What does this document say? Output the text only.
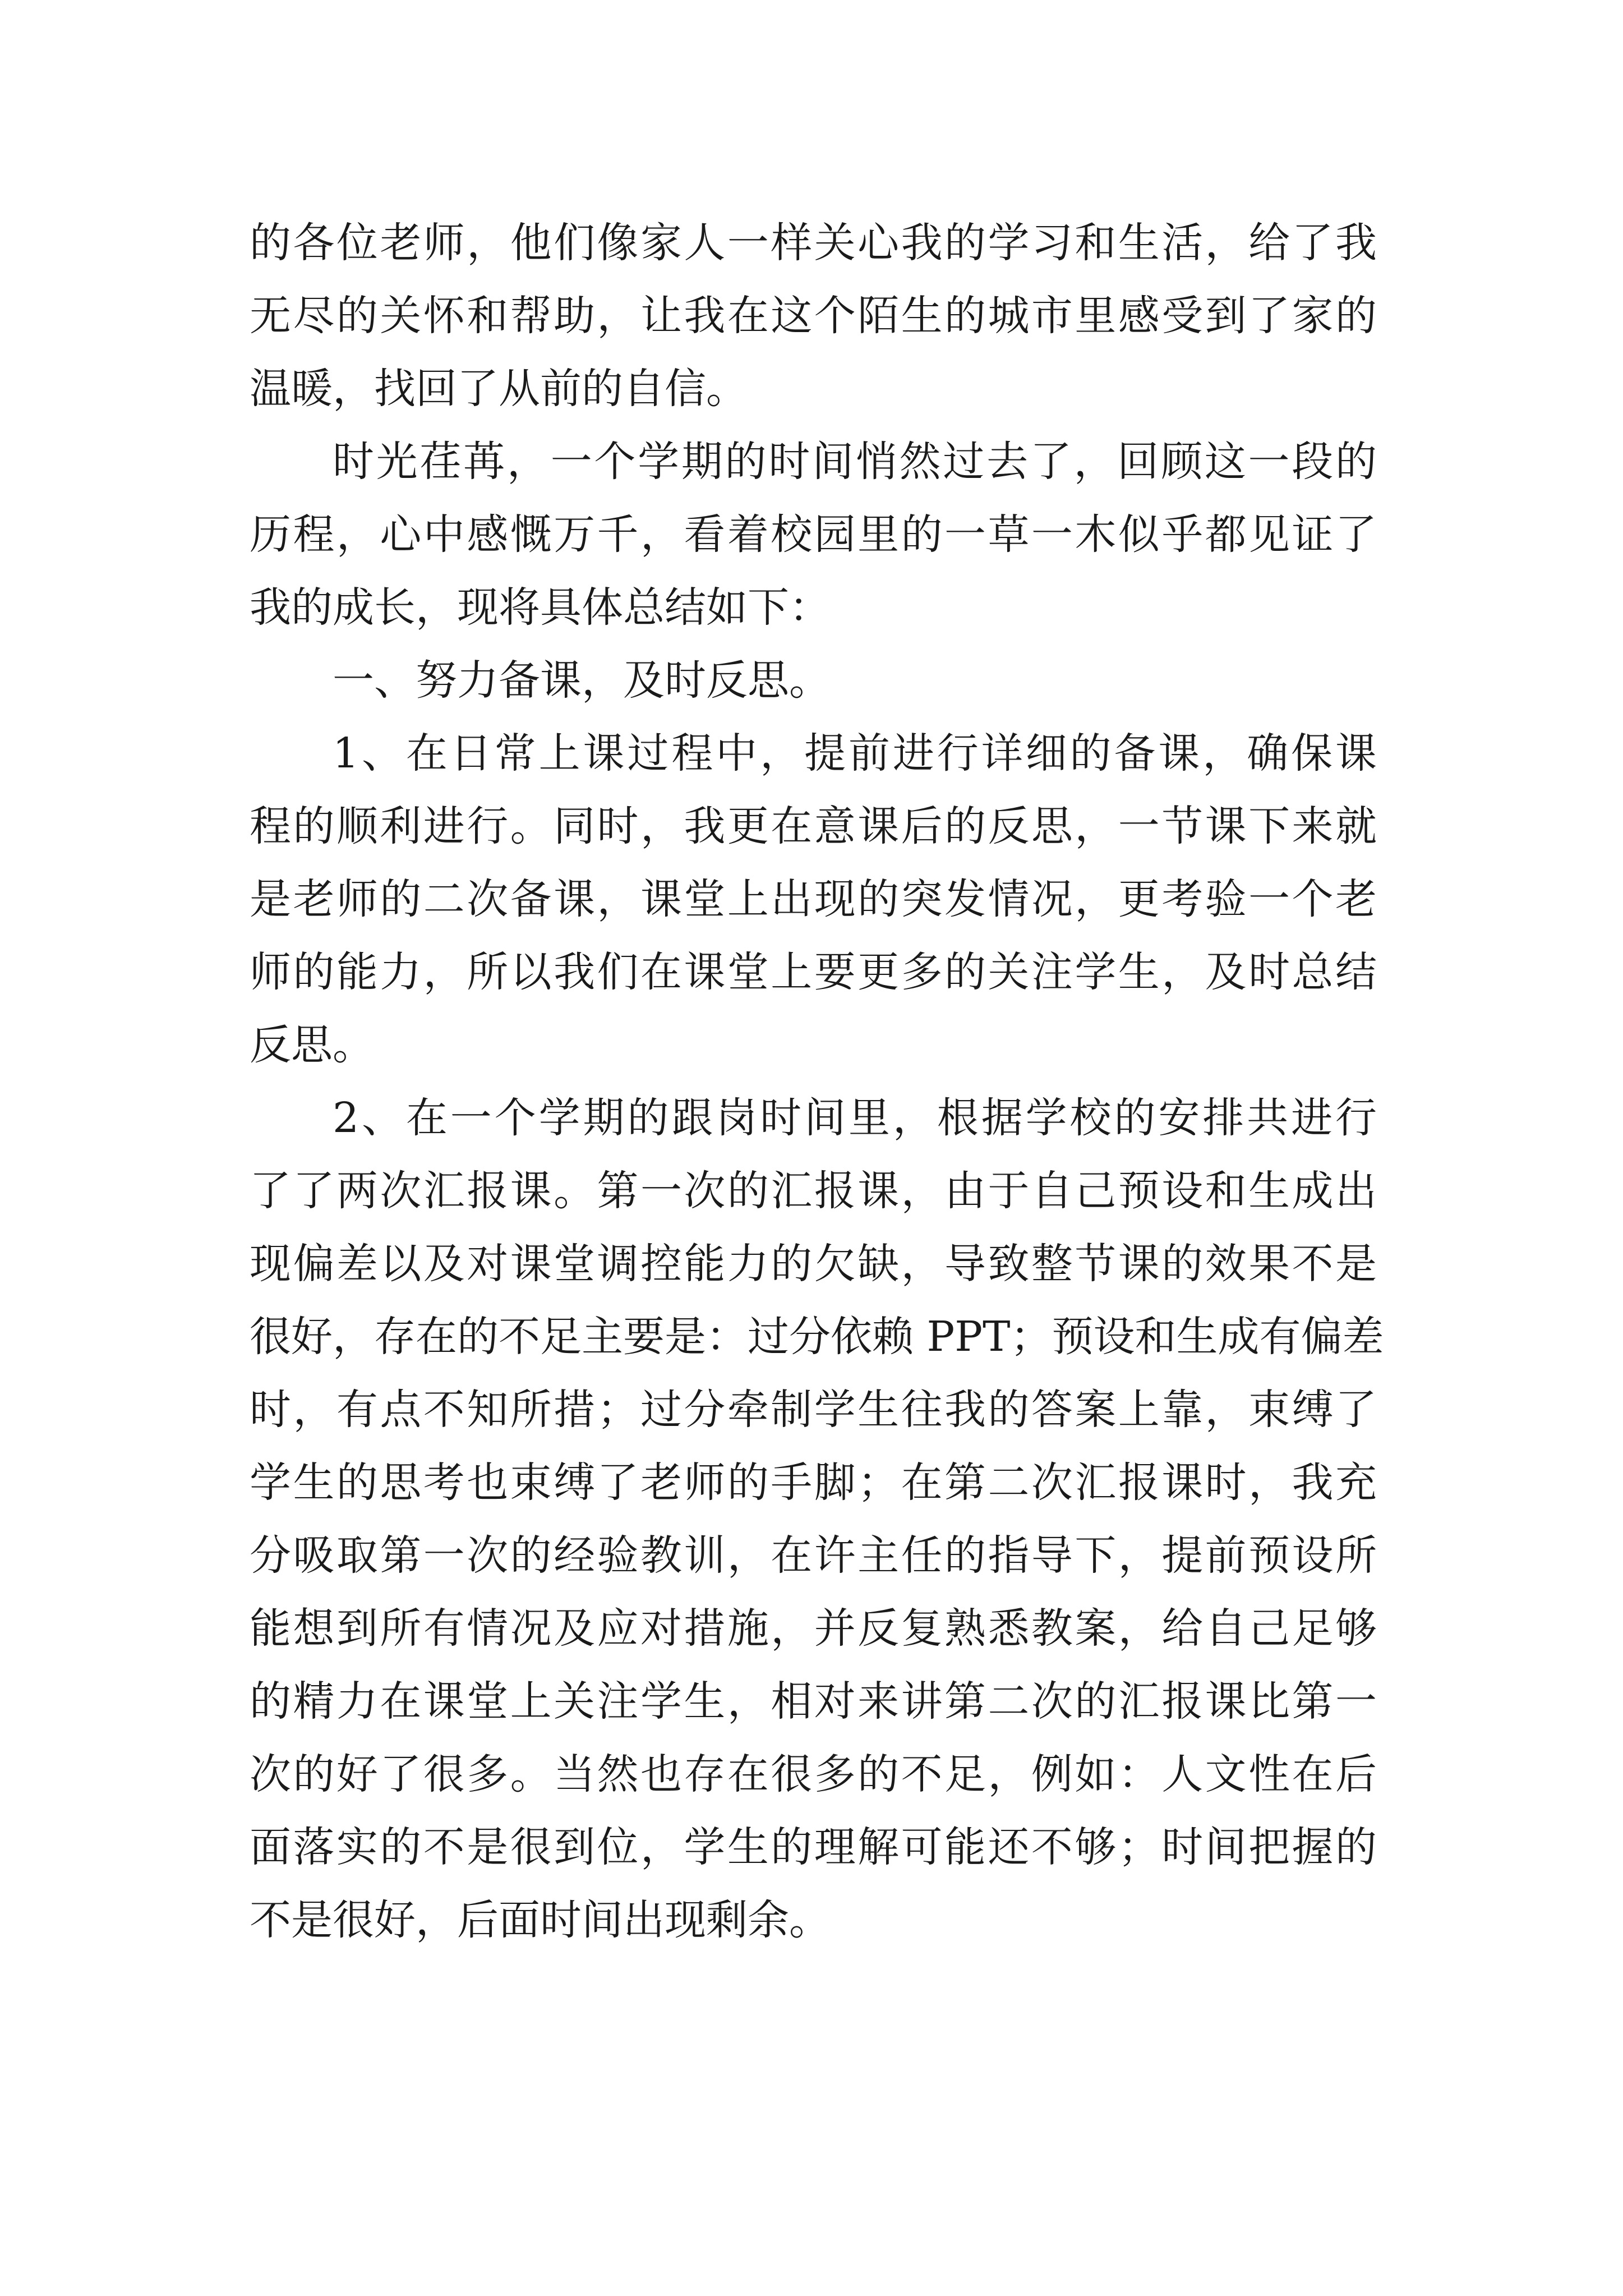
的各位老师，他们像家人一样关心我的学习和生活，给了我
无尽的关怀和帮助，让我在这个陌生的城市里感受到了家的
温暖，找回了从前的自信。

时光荏苒，一个学期的时间悄然过去了，回顾这一段的
历程，心中感慨万千，看着校园里的一草一木似乎都见证了
我的成长，现将具体总结如下：

一、努力备课，及时反思。

1、在日常上课过程中，提前进行详细的备课，确保课
程的顺利进行。同时，我更在意课后的反思，一节课下来就
是老师的二次备课，课堂上出现的突发情况，更考验一个老
师的能力，所以我们在课堂上要更多的关注学生，及时总结
反思。

2、在一个学期的跟岗时间里，根据学校的安排共进行
了了两次汇报课。第一次的汇报课，由于自己预设和生成出
现偏差以及对课堂调控能力的欠缺，导致整节课的效果不是
很好，存在的不足主要是：过分依赖 PPT；预设和生成有偏差
时，有点不知所措；过分牵制学生往我的答案上靠，束缚了
学生的思考也束缚了老师的手脚；在第二次汇报课时，我充
分吸取第一次的经验教训，在许主任的指导下，提前预设所
能想到所有情况及应对措施，并反复熟悉教案，给自己足够
的精力在课堂上关注学生，相对来讲第二次的汇报课比第一
次的好了很多。当然也存在很多的不足，例如：人文性在后
面落实的不是很到位，学生的理解可能还不够；时间把握的
不是很好，后面时间出现剩余。
